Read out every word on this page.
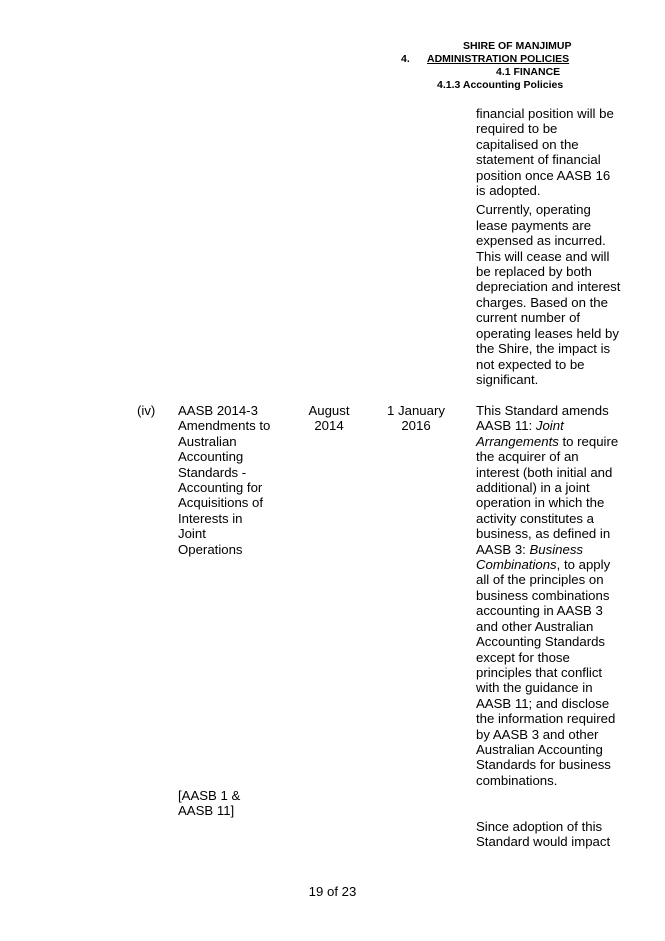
SHIRE OF MANJIMUP
4. ADMINISTRATION POLICIES
4.1 FINANCE
4.1.3 Accounting Policies
financial position will be
required to be
capitalised on the
statement of financial
position once AASB 16
is adopted.
Currently, operating
lease payments are
expensed as incurred.
This will cease and will
be replaced by both
depreciation and interest
charges. Based on the
current number of
operating leases held by
the Shire, the impact is
not expected to be
significant.
(iv)	AASB 2014-3
Amendments to
Australian
Accounting
Standards -
Accounting for
Acquisitions of
Interests in
Joint
Operations
[AASB 1 &
AASB 11]
August
2014
1 January
2016
This Standard amends
AASB 11: Joint
Arrangements to require
the acquirer of an
interest (both initial and
additional) in a joint
operation in which the
activity constitutes a
business, as defined in
AASB 3: Business
Combinations, to apply
all of the principles on
business combinations
accounting in AASB 3
and other Australian
Accounting Standards
except for those
principles that conflict
with the guidance in
AASB 11; and disclose
the information required
by AASB 3 and other
Australian Accounting
Standards for business
combinations.
Since adoption of this
Standard would impact
19 of 23
